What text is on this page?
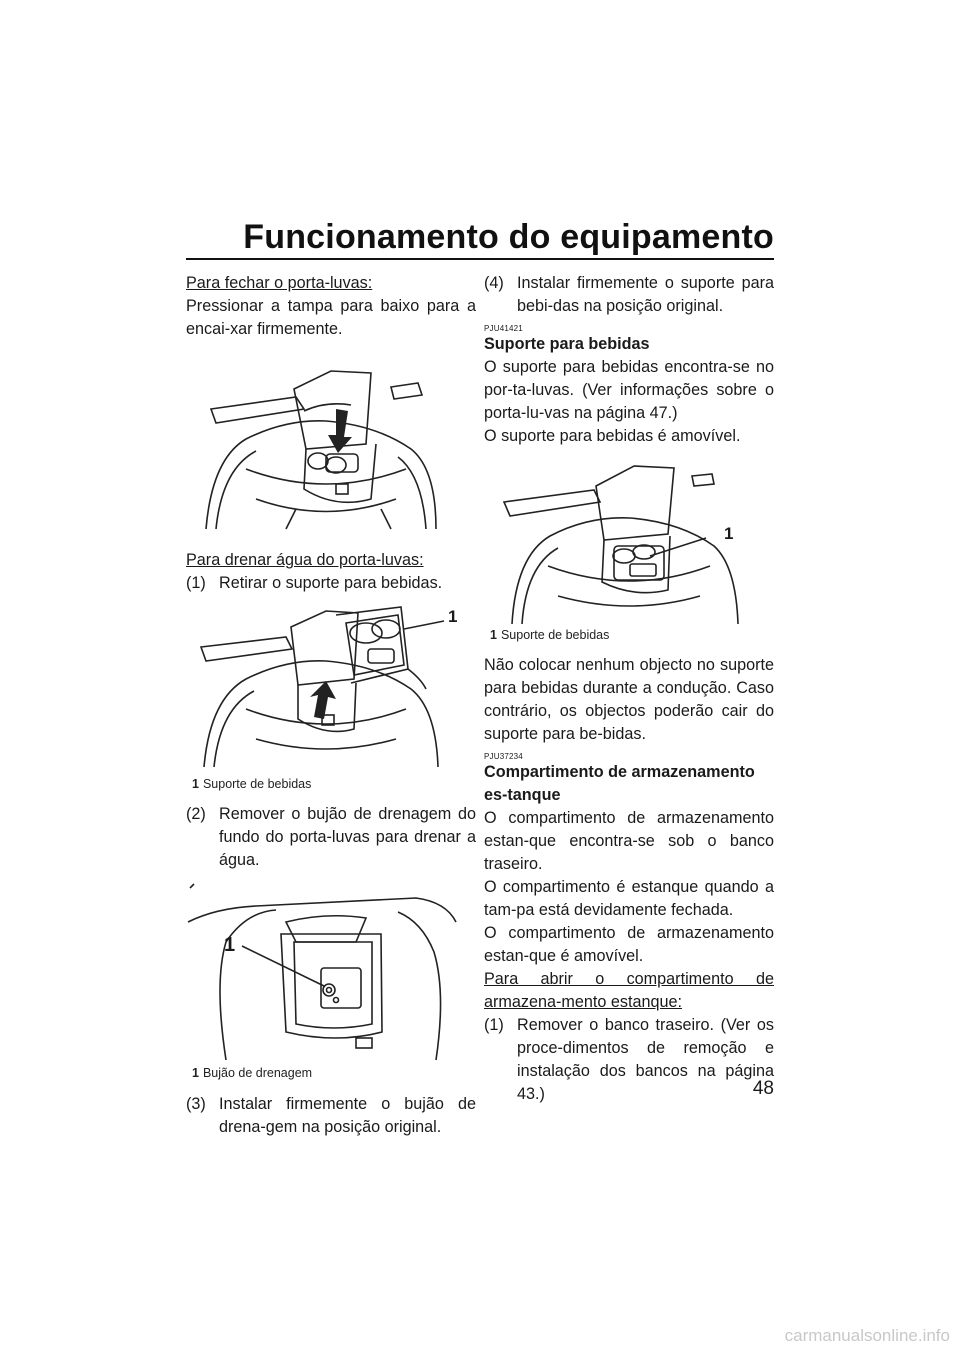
Funcionamento do equipamento

Para fechar o porta-luvas:

Pressionar a tampa para baixo para a encai-xar firmemente.

Para drenar água do porta-luvas:

(1) Retirar o suporte para bebidas.
1

1 Suporte de bebidas

(2) Remover o bujão de drenagem do fundo do porta-luvas para drenar a água.
1

1 Bujão de drenagem

(3) Instalar firmemente o bujão de drena-gem na posição original.
(4) Instalar firmemente o suporte para bebi-das na posição original.

PJU41421

Suporte para bebidas

O suporte para bebidas encontra-se no por-ta-luvas. (Ver informações sobre o porta-lu-vas na página 47.)

O suporte para bebidas é amovível.

1

1 Suporte de bebidas

Não colocar nenhum objecto no suporte para bebidas durante a condução. Caso contrário, os objectos poderão cair do suporte para be-bidas.

PJU37234

Compartimento de armazenamento es-tanque

O compartimento de armazenamento estan-que encontra-se sob o banco traseiro.

O compartimento é estanque quando a tam-pa está devidamente fechada.

O compartimento de armazenamento estan-que é amovível.

Para abrir o compartimento de armazena-mento estanque:

(1) Remover o banco traseiro. (Ver os proce-dimentos de remoção e instalação dos bancos na página 43.)	48
carmanualsonline.info
